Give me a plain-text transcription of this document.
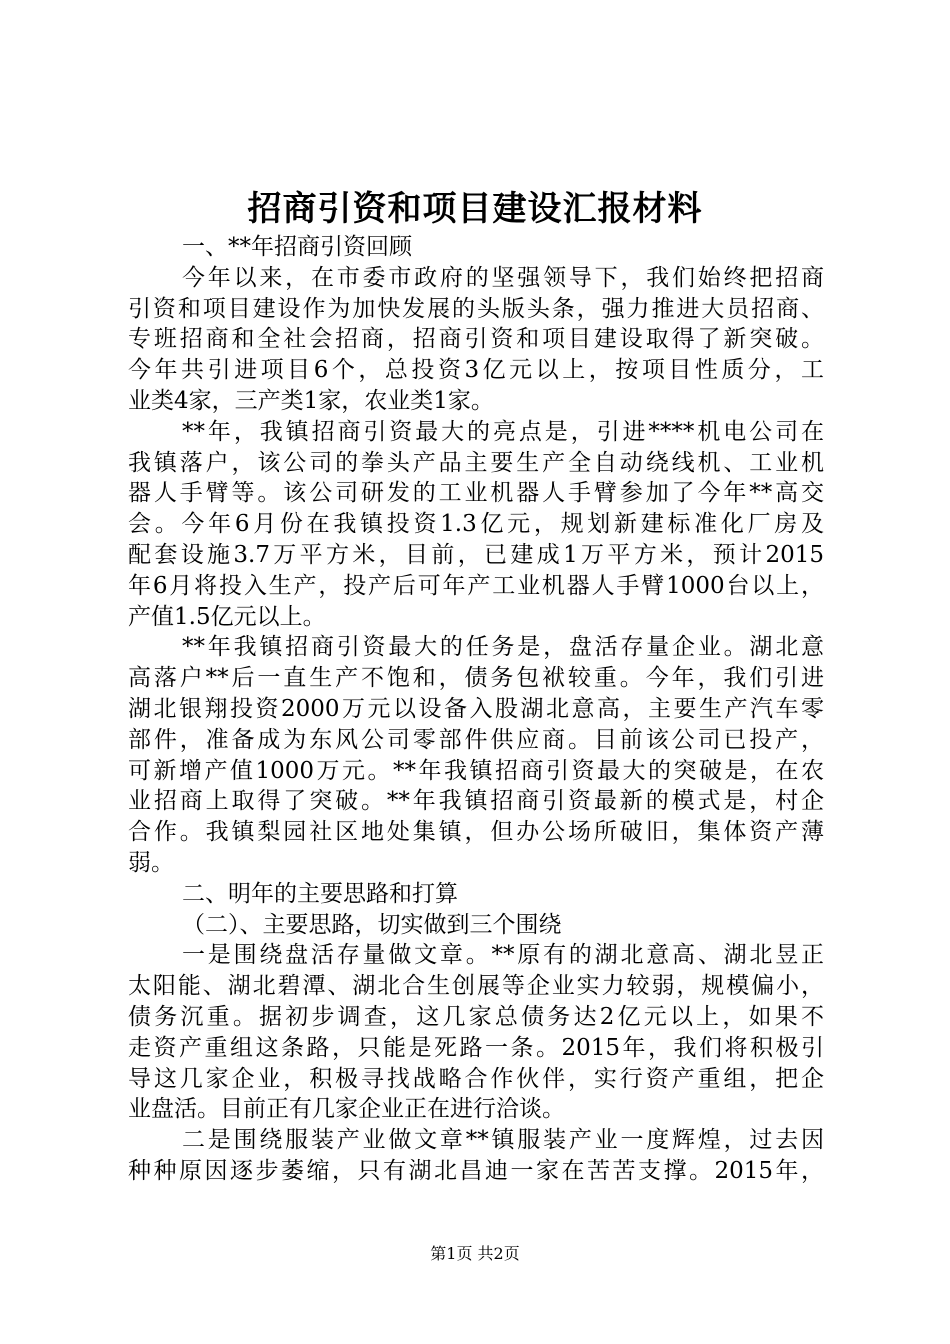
招商引资和项目建设汇报材料
一、**年招商引资回顾
今年以来，在市委市政府的坚强领导下，我们始终把招商
引资和项目建设作为加快发展的头版头条，强力推进大员招商、
专班招商和全社会招商，招商引资和项目建设取得了新突破。
今年共引进项目6个，总投资3亿元以上，按项目性质分，工
业类4家，三产类1家，农业类1家。
**年，我镇招商引资最大的亮点是，引进****机电公司在
我镇落户，该公司的拳头产品主要生产全自动绕线机、工业机
器人手臂等。该公司研发的工业机器人手臂参加了今年**高交
会。今年6月份在我镇投资1.3亿元，规划新建标准化厂房及
配套设施3.7万平方米，目前，已建成1万平方米，预计2015
年6月将投入生产，投产后可年产工业机器人手臂1000台以上，
产值1.5亿元以上。
**年我镇招商引资最大的任务是，盘活存量企业。湖北意
高落户**后一直生产不饱和，债务包袱较重。今年，我们引进
湖北银翔投资2000万元以设备入股湖北意高，主要生产汽车零
部件，准备成为东风公司零部件供应商。目前该公司已投产，
可新增产值1000万元。**年我镇招商引资最大的突破是，在农
业招商上取得了突破。**年我镇招商引资最新的模式是，村企
合作。我镇梨园社区地处集镇，但办公场所破旧，集体资产薄
弱。
二、明年的主要思路和打算
（二）、主要思路，切实做到三个围绕
一是围绕盘活存量做文章。**原有的湖北意高、湖北昱正
太阳能、湖北碧潭、湖北合生创展等企业实力较弱，规模偏小，
债务沉重。据初步调查，这几家总债务达2亿元以上，如果不
走资产重组这条路，只能是死路一条。2015年，我们将积极引
导这几家企业，积极寻找战略合作伙伴，实行资产重组，把企
业盘活。目前正有几家企业正在进行洽谈。
二是围绕服装产业做文章**镇服装产业一度辉煌，过去因
种种原因逐步萎缩，只有湖北昌迪一家在苦苦支撑。2015年，
第1页 共2页
